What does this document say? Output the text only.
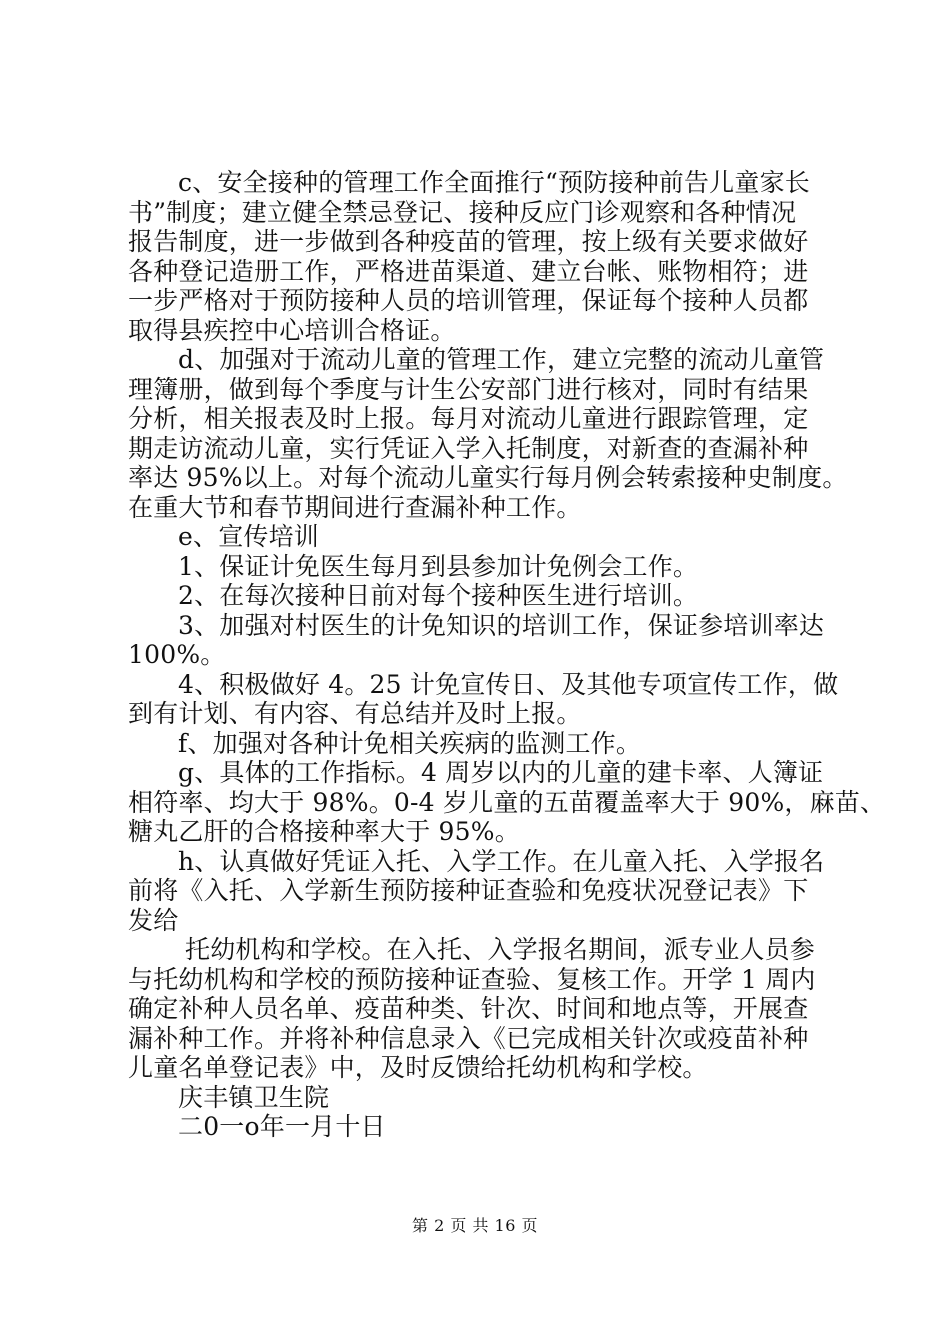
c、安全接种的管理工作全面推行“预防接种前告儿童家长
书”制度；建立健全禁忌登记、接种反应门诊观察和各种情况
报告制度，进一步做到各种疫苗的管理，按上级有关要求做好
各种登记造册工作，严格进苗渠道、建立台帐、账物相符；进
一步严格对于预防接种人员的培训管理，保证每个接种人员都
取得县疾控中心培训合格证。
d、加强对于流动儿童的管理工作，建立完整的流动儿童管
理簿册，做到每个季度与计生公安部门进行核对，同时有结果
分析，相关报表及时上报。每月对流动儿童进行跟踪管理，定
期走访流动儿童，实行凭证入学入托制度，对新查的查漏补种
率达 95%以上。对每个流动儿童实行每月例会转索接种史制度。
在重大节和春节期间进行查漏补种工作。
e、宣传培训
1、保证计免医生每月到县参加计免例会工作。
2、在每次接种日前对每个接种医生进行培训。
3、加强对村医生的计免知识的培训工作，保证参培训率达
100%。
4、积极做好 4。25 计免宣传日、及其他专项宣传工作，做
到有计划、有内容、有总结并及时上报。
f、加强对各种计免相关疾病的监测工作。
g、具体的工作指标。4 周岁以内的儿童的建卡率、人簿证
相符率、均大于 98%。0-4 岁儿童的五苗覆盖率大于 90%，麻苗、
糖丸乙肝的合格接种率大于 95%。
h、认真做好凭证入托、入学工作。在儿童入托、入学报名
前将《入托、入学新生预防接种证查验和免疫状况登记表》下
发给
托幼机构和学校。在入托、入学报名期间，派专业人员参
与托幼机构和学校的预防接种证查验、复核工作。开学 1 周内
确定补种人员名单、疫苗种类、针次、时间和地点等，开展查
漏补种工作。并将补种信息录入《已完成相关针次或疫苗补种
儿童名单登记表》中，及时反馈给托幼机构和学校。
庆丰镇卫生院
二0一o年一月十日
第 2 页 共 16 页
